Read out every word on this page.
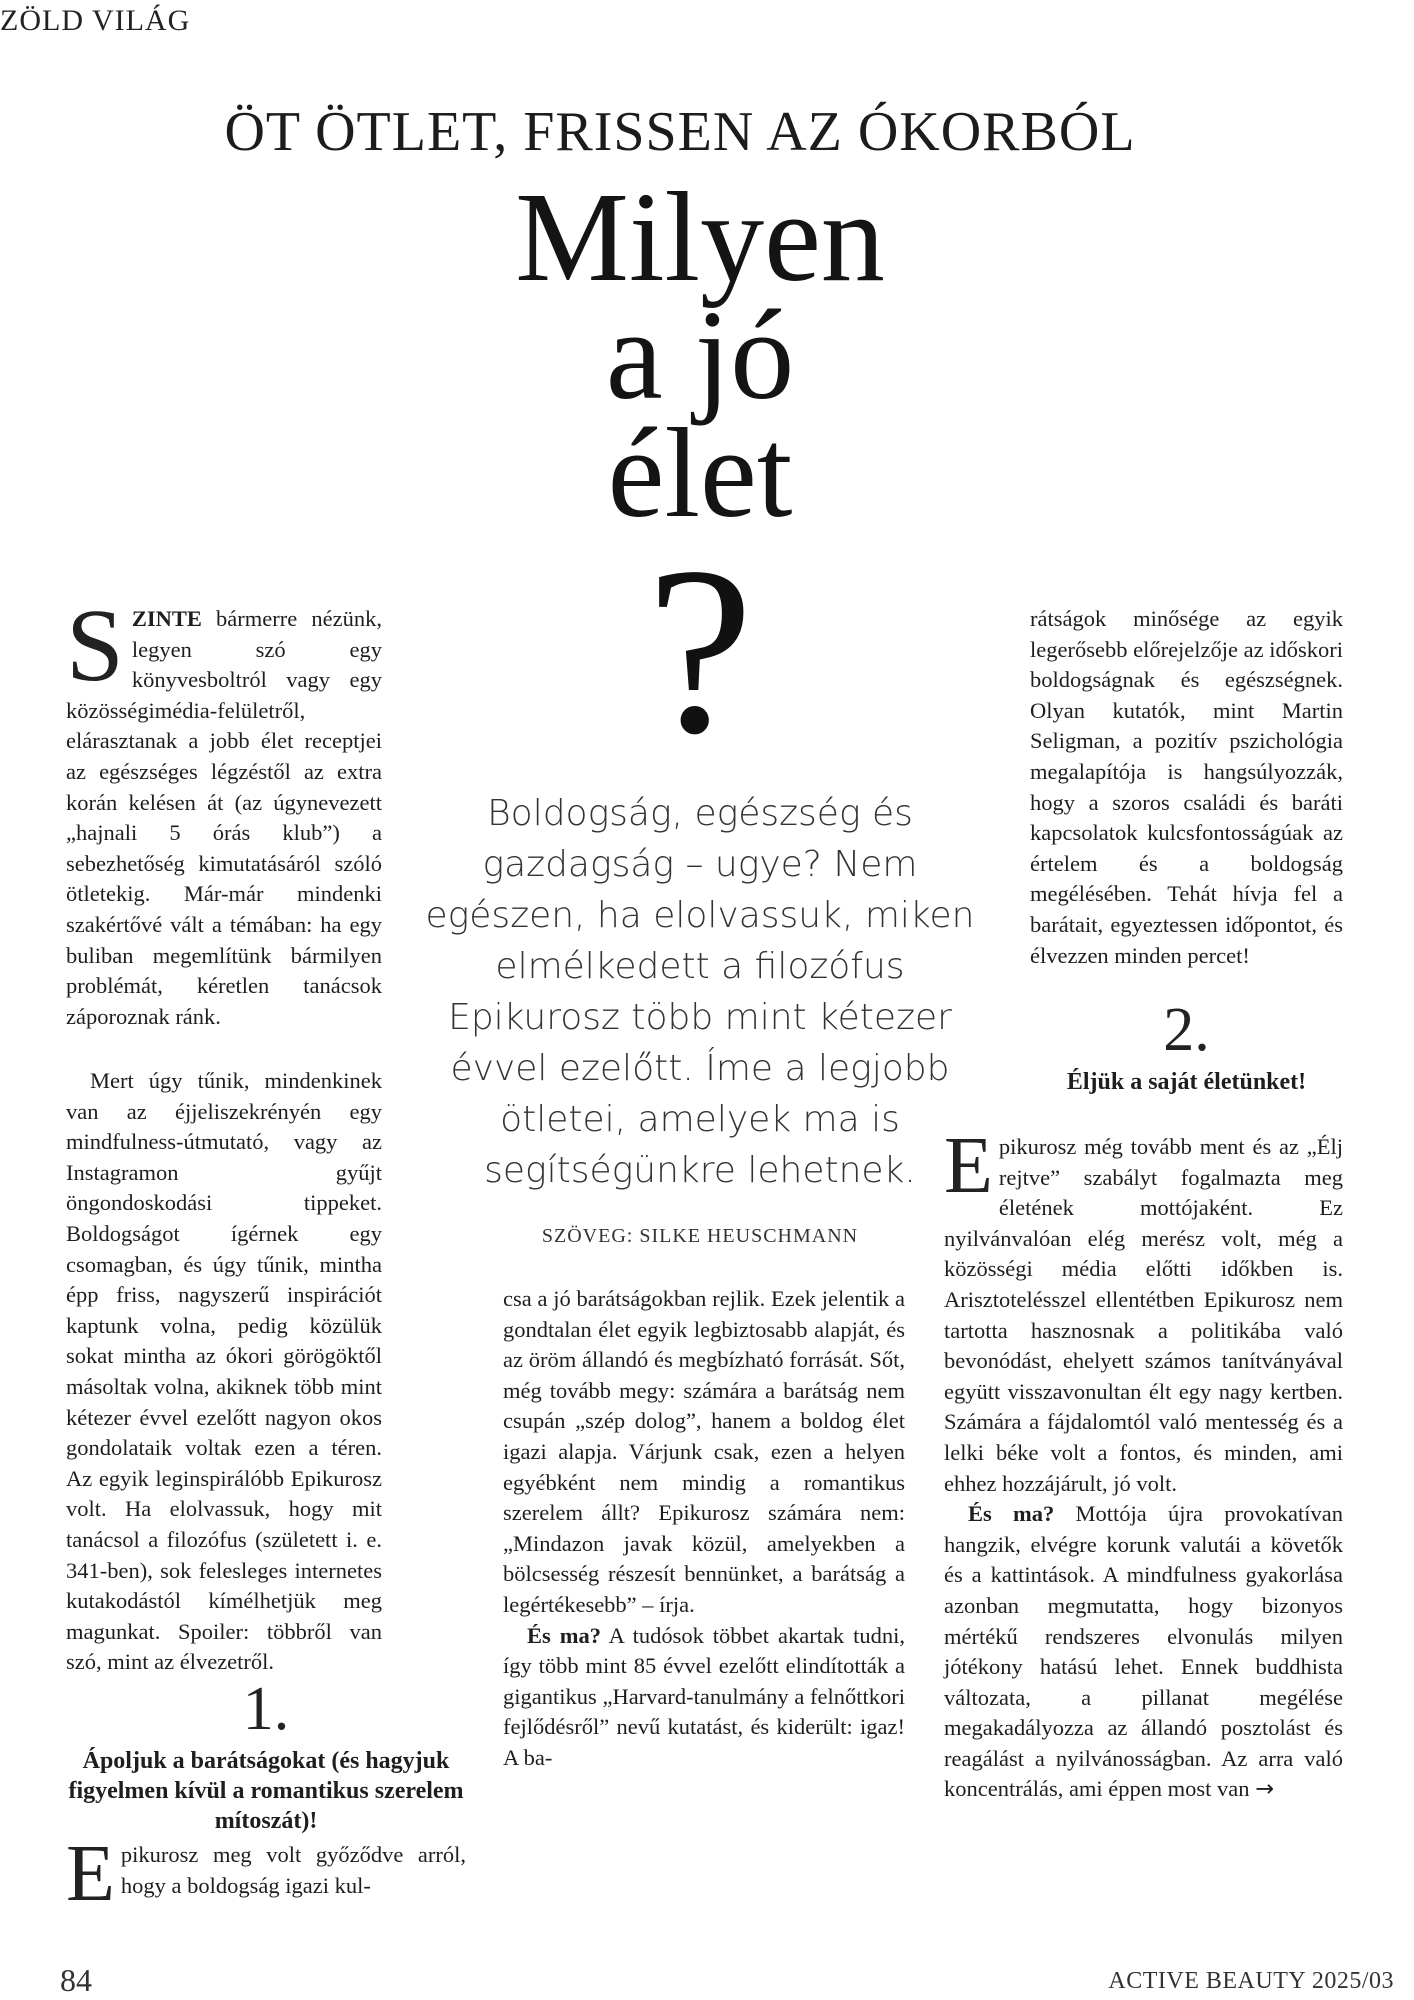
ZÖLD VILÁG
ÖT ÖTLET, FRISSEN AZ ÓKORBÓL
Milyen
a jó
élet
?
Boldogság, egészség és gazdagság – ugye? Nem egészen, ha elolvassuk, miken elmélkedett a filozófus Epikurosz több mint kétezer évvel ezelőtt. Íme a legjobb ötletei, amelyek ma is segítségünkre lehetnek.
SZÖVEG: SILKE HEUSCHMANN

SZINTE bármerre nézünk, legyen szó egy könyvesboltról vagy egy közösségimédia-felületről, elárasztanak a jobb élet receptjei az egészséges légzéstől az extra korán kelésen át (az úgynevezett „hajnali 5 órás klub”) a sebezhetőség kimutatásáról szóló ötletekig. Már-már mindenki szakértővé vált a témában: ha egy buliban megemlítünk bármilyen problémát, kéretlen tanácsok záporoznak ránk.

Mert úgy tűnik, mindenkinek van az éjjeliszekrényén egy mindfulness-útmutató, vagy az Instagramon gyűjt öngondoskodási tippeket. Boldogságot ígérnek egy csomagban, és úgy tűnik, mintha épp friss, nagyszerű inspirációt kaptunk volna, pedig közülük sokat mintha az ókori görögöktől másoltak volna, akiknek több mint kétezer évvel ezelőtt nagyon okos gondolataik voltak ezen a téren. Az egyik leginspirálóbb Epikurosz volt. Ha elolvassuk, hogy mit tanácsol a filozófus (született i. e. 341-ben), sok felesleges internetes kutakodástól kímélhetjük meg magunkat. Spoiler: többről van szó, mint az élvezetről.

1.
Ápoljuk a barátságokat (és hagyjuk figyelmen kívül a romantikus szerelem mítoszát)!

Epikurosz meg volt győződve arról, hogy a boldogság igazi kul-

csa a jó barátságokban rejlik. Ezek jelentik a gondtalan élet egyik legbiztosabb alapját, és az öröm állandó és megbízható forrását. Sőt, még tovább megy: számára a barátság nem csupán „szép dolog”, hanem a boldog élet igazi alapja. Várjunk csak, ezen a helyen egyébként nem mindig a romantikus szerelem állt? Epikurosz számára nem: „Mindazon javak közül, amelyekben a bölcsesség részesít bennünket, a barátság a legértékesebb” – írja.

És ma? A tudósok többet akartak tudni, így több mint 85 évvel ezelőtt elindították a gigantikus „Harvard-tanulmány a felnőttkori fejlődésről” nevű kutatást, és kiderült: igaz! A ba-

rátságok minősége az egyik legerősebb előrejelzője az időskori boldogságnak és egészségnek. Olyan kutatók, mint Martin Seligman, a pozitív pszichológia megalapítója is hangsúlyozzák, hogy a szoros családi és baráti kapcsolatok kulcsfontosságúak az értelem és a boldogság megélésében. Tehát hívja fel a barátait, egyeztessen időpontot, és élvezzen minden percet!

2.
Éljük a saját életünket!

Epikurosz még tovább ment és az „Élj rejtve” szabályt fogalmazta meg életének mottójaként. Ez nyilvánvalóan elég merész volt, még a közösségi média előtti időkben is. Arisztotelésszel ellentétben Epikurosz nem tartotta hasznosnak a politikába való bevonódást, ehelyett számos tanítványával együtt visszavonultan élt egy nagy kertben. Számára a fájdalomtól való mentesség és a lelki béke volt a fontos, és minden, ami ehhez hozzájárult, jó volt.

És ma? Mottója újra provokatívan hangzik, elvégre korunk valutái a követők és a kattintások. A mindfulness gyakorlása azonban megmutatta, hogy bizonyos mértékű rendszeres elvonulás milyen jótékony hatású lehet. Ennek buddhista változata, a pillanat megélése megakadályozza az állandó posztolást és reagálást a nyilvánosságban. Az arra való koncentrálás, ami éppen most van →

84	ACTIVE BEAUTY 2025/03
